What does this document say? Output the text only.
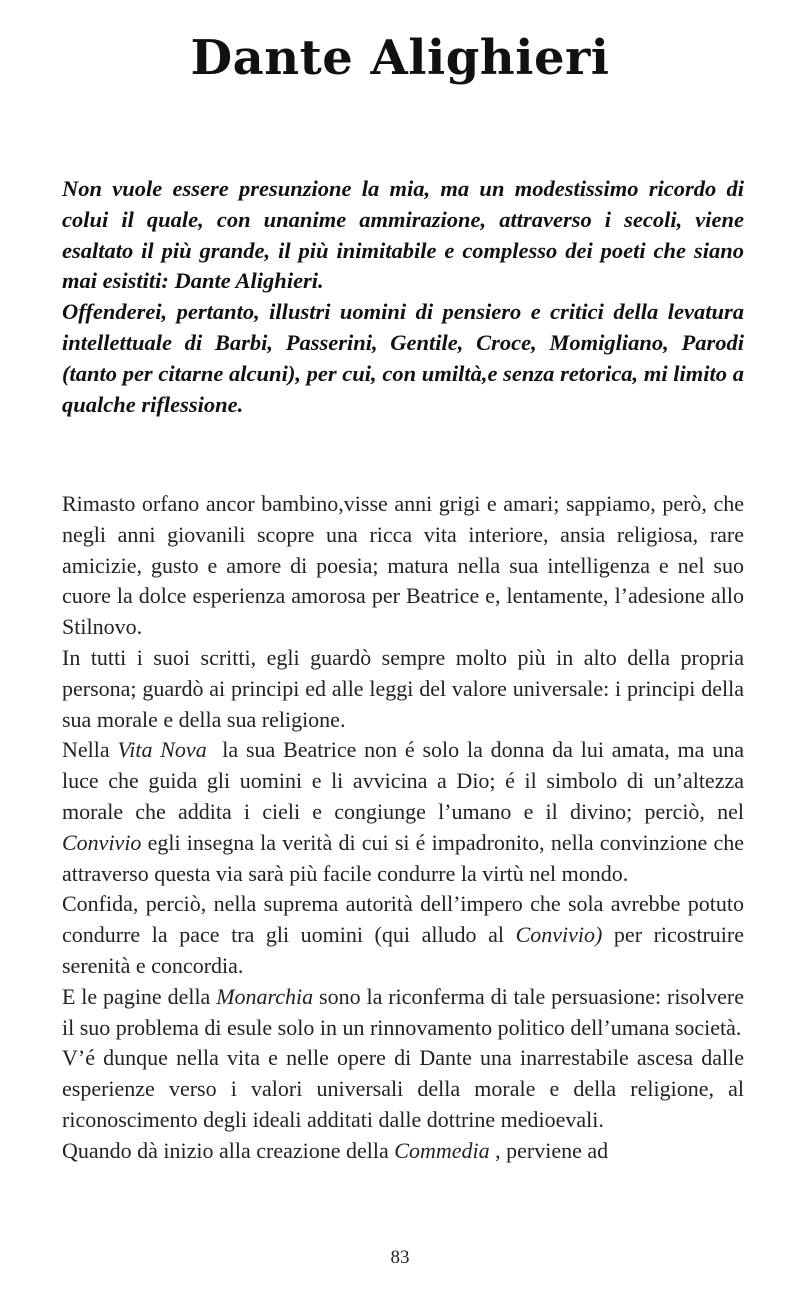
Dante Alighieri

Non vuole essere presunzione la mia, ma un modestissimo ricordo di colui il quale, con unanime ammirazione, attraverso i secoli, viene esaltato il più grande, il più inimitabile e complesso dei poeti che siano mai esistiti: Dante Alighieri.

Offenderei, pertanto, illustri uomini di pensiero e critici della levatura intellettuale di Barbi, Passerini, Gentile, Croce, Momigliano, Parodi (tanto per citarne alcuni), per cui, con umiltà,e senza retorica, mi limito a qualche riflessione.

Rimasto orfano ancor bambino,visse anni grigi e amari; sappiamo, però, che negli anni giovanili scopre una ricca vita interiore, ansia religiosa, rare amicizie, gusto e amore di poesia; matura nella sua intelligenza e nel suo cuore la dolce esperienza amorosa per Beatrice e, lentamente, l’adesione allo Stilnovo.

In tutti i suoi scritti, egli guardò sempre molto più in alto della propria persona; guardò ai principi ed alle leggi del valore universale: i principi della sua morale e della sua religione.

Nella Vita Nova  la sua Beatrice non é solo la donna da lui amata, ma una luce che guida gli uomini e li avvicina a Dio; é il simbolo di un’altezza morale che addita i cieli e congiunge l’umano e il divino; perciò, nel Convivio egli insegna la verità di cui si é impadronito, nella convinzione che attraverso questa via sarà più facile condurre la virtù nel mondo.

Confida, perciò, nella suprema autorità dell’impero che sola avrebbe potuto condurre la pace tra gli uomini (qui alludo al Convivio) per ricostruire serenità e concordia.

E le pagine della Monarchia sono la riconferma di tale persuasione: risolvere il suo problema di esule solo in un rinnovamento politico dell’umana società.

V’é dunque nella vita e nelle opere di Dante una inarrestabile ascesa dalle esperienze verso i valori universali della morale e della religione, al riconoscimento degli ideali additati dalle dottrine medioevali.

Quando dà inizio alla creazione della Commedia , perviene ad

83
